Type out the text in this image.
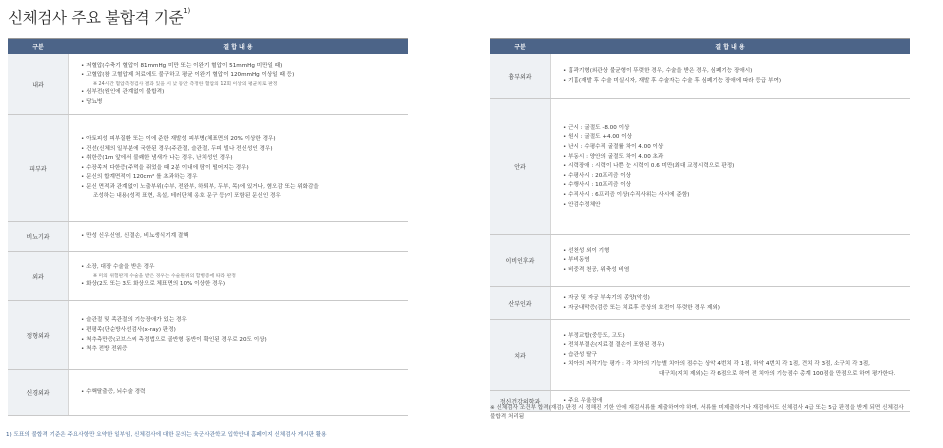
신체검사 주요 불합격 기준$^{1)}$
구분	결 합 내 용
내과
• 저혈압(수축기 혈압이 81mmHg 미만 또는 이완기 혈압이 51mmHg 미만일 때)
• 고혈압(참 고혈압제 처료에도 불구하고 평균 이완기 혈압이 120mmHg 이상일 때 등)
※ 24시간 혈압측정검사 결과 있을 시 낮 동안 측정한 혈압의 12회 이상의 평균치로 판정
• 심부전(원인에 관계없이 불합격)
• 당뇨병
피부과
• 아토피성 피부질환 또는 이에 준한 재발성 피부병(체표면의 20% 이상한 경우)
• 건선(신체의 일부분에 국한된 경우(주관절, 슬관절, 두피 빌나 전신성인 경우)
• 취한증(1m 앞에서 불쾌한 냄새가 나는 경우, 난치성인 경우)
• 수장족저 다한증(주먹을 쥐었을 때 2분 이내에 땀이 떨어지는 경우)
• 문신의 합계면적이 120cm² 를 초과하는 경우
• 문신 면적과 관계없이 노출부위(수부, 전완부, 하퇴부, 두부, 목)에 있거나, 혐오감 또는 위화감을
조성하는 내용(성적 표현, 욕설, 테러단체 옹호 문구 등)이 포함된 문신인 경우
비뇨기과	• 만성 신우신염, 신결손, 비뇨생식기계 결핵
외과
• 소장, 대장 수술을 받은 경우
※ 미의 위험판게 수술을 받은 경우는 수술원위의 합병증에 따라 판정
• 화상(2도 또는 3도 화상으로 체표면의 10% 이상한 경우)
정형외과
• 슬관절 및 족관절의 기능장애가 있는 경우
• 편평족(단순방사선검사(x-ray) 판정)
• 척추측만증(코브스씨 측정법으로 골반형 동반이 확인된 경우로 20도 이상)
• 척추 전방 전위증
신경외과	• 수핵탈출증, 뇌수술 경력
구분	결 합 내 용
흉부외과
• 흉곽기형(외관상 불균형이 뚜렷한 경우, 수술을 받은 경우, 심폐기능 장애시)
• 기흉(재발 후 수술 미실시자, 재발 후 수술자는 수술 후 심폐기능 장애에 따라 등급 부여)
안과
• 근시 : 굴절도 -8.00 이상
• 원시 : 굴절도 +4.00 이상
• 난시 : 수평수직 굴절률 차이 4.00 이상
• 부동시 : 양안의 굴절도 차이 4.00 초과
• 시력장애 : 시력이 나쁜 눈 시력이 0.6 미만(최대 교정시력으로 판정)
• 수평사시 : 20프리즘 이상
• 수행사시 : 10프리즘 이상
• 수직사시 : 6프리즘 이상(수직사위는 사시에 준함)
• 안검수정체안
이비인후과
• 선천성 외이 기형
• 부비동염
• 비중격 천공, 위축성 비염
산부인과
• 자궁 및 자궁 부속기의 종양(악성)
• 자궁내막증(검증 또는 치료후 증상의 호전이 뚜렷한 경우 제외)
치과
• 부정교합(중등도, 고도)
• 전치부결손(지료결 결손이 포함된 경우)
• 습관성 탈구
• 치아의 저작기능 평가 : 각 치아의 기능별 치아의 점수는 상악 4번치 각 1점, 하악 4번치 각 1점, 견치 각 3점, 소구치 각 3점,
대구치(지치 제외)는 각 6점으로 하여 전 치아의 기능점수 총계 100점을 만점으로 하여 평가한다.
정신건강의학과	• 주요 우울장애
※ 신체검사 조건부 합격(재검) 판정 시 정해진 기한 안에 재검서류를 제출하여야 하며, 서류를 미제출하거나 재검에서도 신체검사 4급 또는 5급 판정을 받게 되면 신체검사 불합격 처리됨
1) 도표의 불합격 기준은 주요사항만 요약한 일부임, 신체검사에 대한 문의는 육군사관학교 입학안내 홈페이지 신체검사 게시판 활용
